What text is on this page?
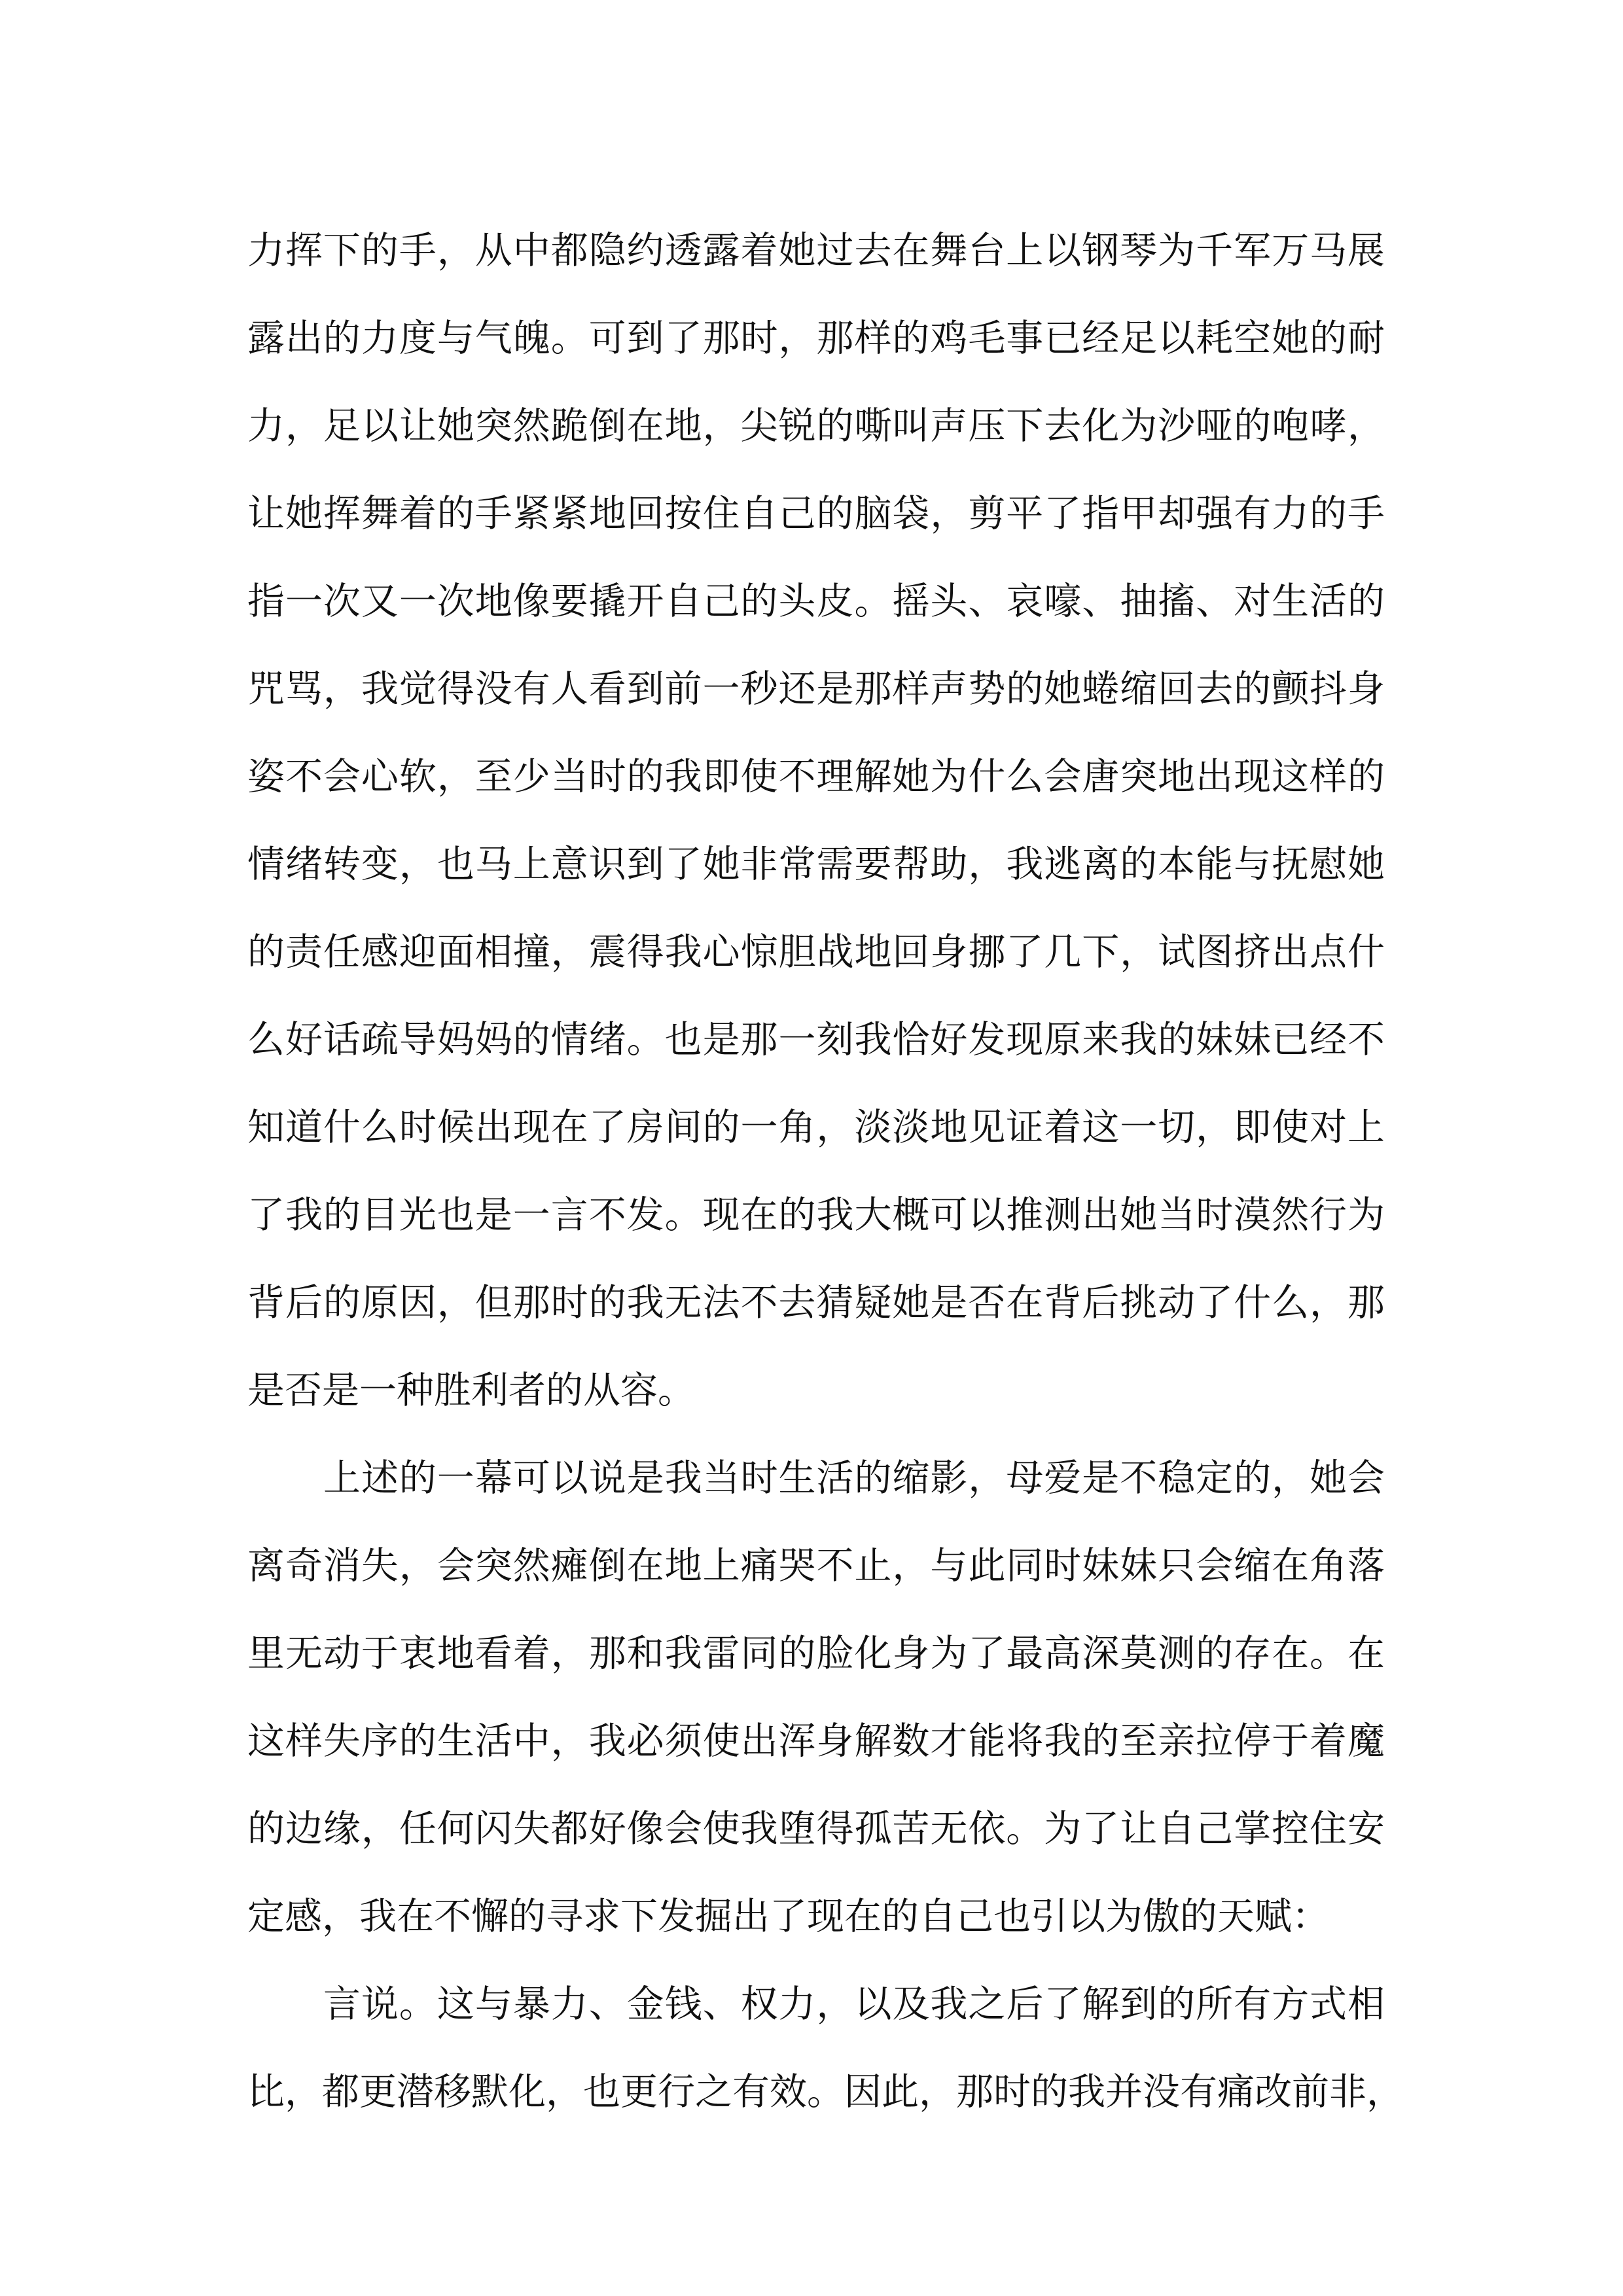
力挥下的手，从中都隐约透露着她过去在舞台上以钢琴为千军万马展
露出的力度与气魄。可到了那时，那样的鸡毛事已经足以耗空她的耐
力，足以让她突然跪倒在地，尖锐的嘶叫声压下去化为沙哑的咆哮，
让她挥舞着的手紧紧地回按住自己的脑袋，剪平了指甲却强有力的手
指一次又一次地像要撬开自己的头皮。摇头、哀嚎、抽搐、对生活的
咒骂，我觉得没有人看到前一秒还是那样声势的她蜷缩回去的颤抖身
姿不会心软，至少当时的我即使不理解她为什么会唐突地出现这样的
情绪转变，也马上意识到了她非常需要帮助，我逃离的本能与抚慰她
的责任感迎面相撞，震得我心惊胆战地回身挪了几下，试图挤出点什
么好话疏导妈妈的情绪。也是那一刻我恰好发现原来我的妹妹已经不
知道什么时候出现在了房间的一角，淡淡地见证着这一切，即使对上
了我的目光也是一言不发。现在的我大概可以推测出她当时漠然行为
背后的原因，但那时的我无法不去猜疑她是否在背后挑动了什么，那
是否是一种胜利者的从容。
上述的一幕可以说是我当时生活的缩影，母爱是不稳定的，她会
离奇消失，会突然瘫倒在地上痛哭不止，与此同时妹妹只会缩在角落
里无动于衷地看着，那和我雷同的脸化身为了最高深莫测的存在。在
这样失序的生活中，我必须使出浑身解数才能将我的至亲拉停于着魔
的边缘，任何闪失都好像会使我堕得孤苦无依。为了让自己掌控住安
定感，我在不懈的寻求下发掘出了现在的自己也引以为傲的天赋：
言说。这与暴力、金钱、权力，以及我之后了解到的所有方式相
比，都更潜移默化，也更行之有效。因此，那时的我并没有痛改前非，
